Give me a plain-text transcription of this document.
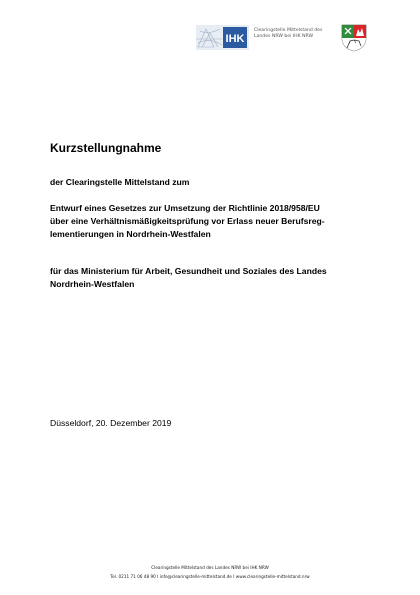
IHK
Clearingstelle Mittelstand des
Landes NRW bei IHK NRW
Kurzstellungnahme

der Clearingstelle Mittelstand zum

Entwurf eines Gesetzes zur Umsetzung der Richtlinie 2018/958/EU
über eine Verhältnismäßigkeitsprüfung vor Erlass neuer Berufsreg-
lementierungen in Nordrhein-Westfalen

für das Ministerium für Arbeit, Gesundheit und Soziales des Landes
Nordrhein-Westfalen

Düsseldorf, 20. Dezember 2019

Clearingstelle Mittelstand des Landes NRW bei IHK NRW
Tel. 0211 71 06 48 90 I info@clearingstelle-mittelstand.de I www.clearingstelle-mittelstand.nrw
